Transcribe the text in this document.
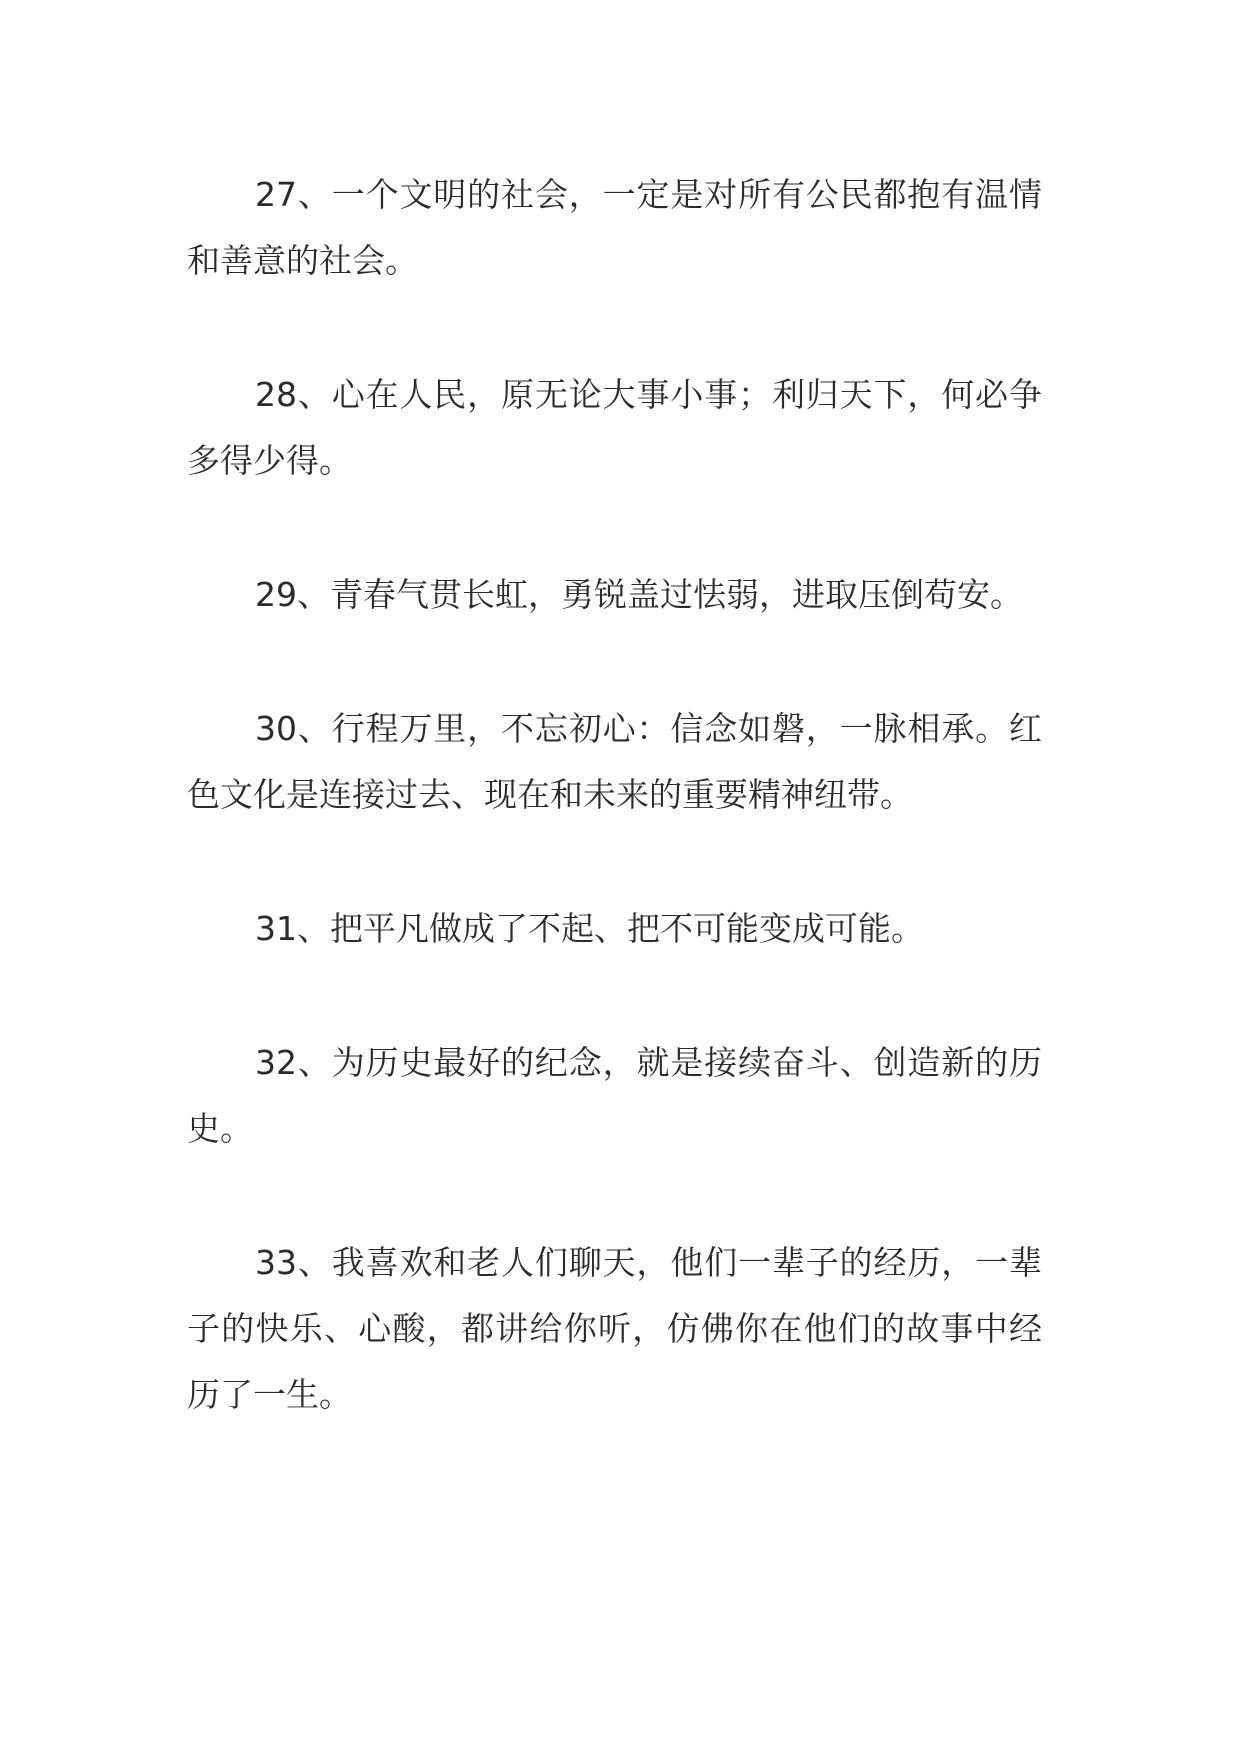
27、一个文明的社会，一定是对所有公民都抱有温情和善意的社会。

28、心在人民，原无论大事小事；利归天下，何必争多得少得。

29、青春气贯长虹，勇锐盖过怯弱，进取压倒苟安。

30、行程万里，不忘初心：信念如磐，一脉相承。红色文化是连接过去、现在和未来的重要精神纽带。

31、把平凡做成了不起、把不可能变成可能。

32、为历史最好的纪念，就是接续奋斗、创造新的历史。

33、我喜欢和老人们聊天，他们一辈子的经历，一辈子的快乐、心酸，都讲给你听，仿佛你在他们的故事中经历了一生。
